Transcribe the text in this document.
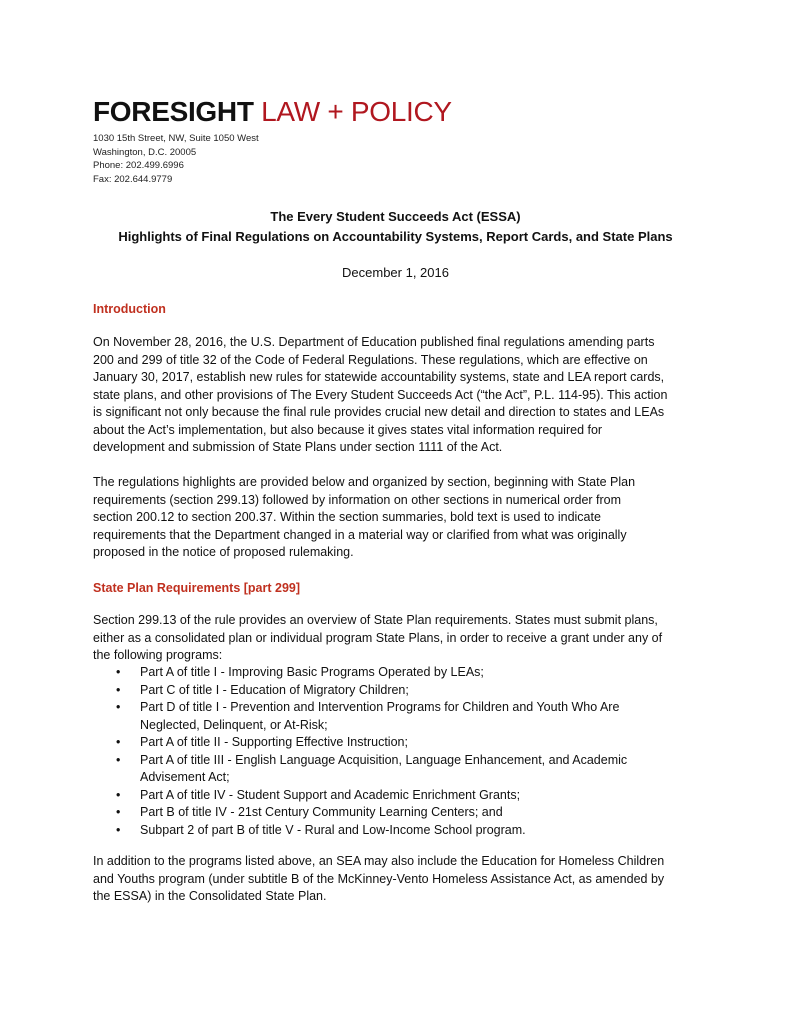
FORESIGHT LAW + POLICY
1030 15th Street, NW, Suite 1050 West
Washington, D.C. 20005
Phone: 202.499.6996
Fax: 202.644.9779
The Every Student Succeeds Act (ESSA)
Highlights of Final Regulations on Accountability Systems, Report Cards, and State Plans
December 1, 2016
Introduction
On November 28, 2016, the U.S. Department of Education published final regulations amending parts
200 and 299 of title 32 of the Code of Federal Regulations. These regulations, which are effective on
January 30, 2017, establish new rules for statewide accountability systems, state and LEA report cards,
state plans, and other provisions of The Every Student Succeeds Act (“the Act”, P.L. 114-95). This action
is significant not only because the final rule provides crucial new detail and direction to states and LEAs
about the Act’s implementation, but also because it gives states vital information required for
development and submission of State Plans under section 1111 of the Act.
The regulations highlights are provided below and organized by section, beginning with State Plan
requirements (section 299.13) followed by information on other sections in numerical order from
section 200.12 to section 200.37. Within the section summaries, bold text is used to indicate
requirements that the Department changed in a material way or clarified from what was originally
proposed in the notice of proposed rulemaking.
State Plan Requirements [part 299]
Section 299.13 of the rule provides an overview of State Plan requirements. States must submit plans,
either as a consolidated plan or individual program State Plans, in order to receive a grant under any of
the following programs:
• Part A of title I - Improving Basic Programs Operated by LEAs;
• Part C of title I - Education of Migratory Children;
• Part D of title I - Prevention and Intervention Programs for Children and Youth Who Are
Neglected, Delinquent, or At-Risk;
• Part A of title II - Supporting Effective Instruction;
• Part A of title III - English Language Acquisition, Language Enhancement, and Academic
Advisement Act;
• Part A of title IV - Student Support and Academic Enrichment Grants;
• Part B of title IV - 21st Century Community Learning Centers; and
• Subpart 2 of part B of title V - Rural and Low-Income School program.
In addition to the programs listed above, an SEA may also include the Education for Homeless Children
and Youths program (under subtitle B of the McKinney-Vento Homeless Assistance Act, as amended by
the ESSA) in the Consolidated State Plan.
